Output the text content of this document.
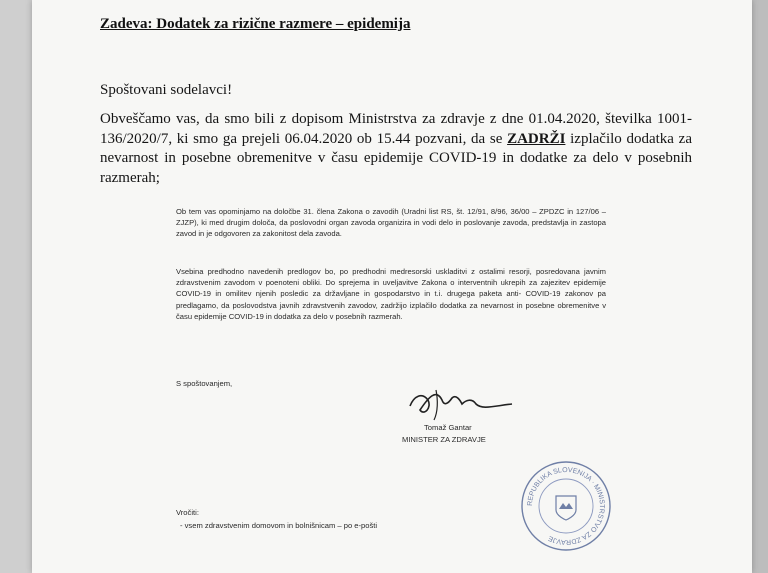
Zadeva: Dodatek za rizične razmere – epidemija
Spoštovani sodelavci!
Obveščamo vas, da smo bili z dopisom Ministrstva za zdravje z dne 01.04.2020, številka 1001-136/2020/7, ki smo ga prejeli 06.04.2020 ob 15.44 pozvani, da se ZADRŽI izplačilo dodatka za nevarnost in posebne obremenitve v času epidemije COVID-19 in dodatke za delo v posebnih razmerah;
Ob tem vas opominjamo na določbe 31. člena Zakona o zavodih (Uradni list RS, št. 12/91, 8/96, 36/00 – ZPDZC in 127/06 – ZJZP), ki med drugim določa, da poslovodni organ zavoda organizira in vodi delo in poslovanje zavoda, predstavlja in zastopa zavod in je odgovoren za zakonitost dela zavoda.
Vsebina predhodno navedenih predlogov bo, po predhodni medresorski uskladitvi z ostalimi resorji, posredovana javnim zdravstvenim zavodom v poenoteni obliki. Do sprejema in uveljavitve Zakona o interventnih ukrepih za zajezitev epidemije COVID-19 in omilitev njenih posledic za državljane in gospodarstvo in t.i. drugega paketa anti- COVID-19 zakonov pa predlagamo, da poslovodstva javnih zdravstvenih zavodov, zadržijo izplačilo dodatka za nevarnost in posebne obremenitve v času epidemije COVID-19 in dodatka za delo v posebnih razmerah.
S spoštovanjem,
Tomaž Gantar
MINISTER ZA ZDRAVJE
Vročiti:
- vsem zdravstvenim domovom in bolnišnicam – po e-pošti
REPUBLIKA SLOVENIJA · MINISTRSTVO ZA ZDRAVJE
